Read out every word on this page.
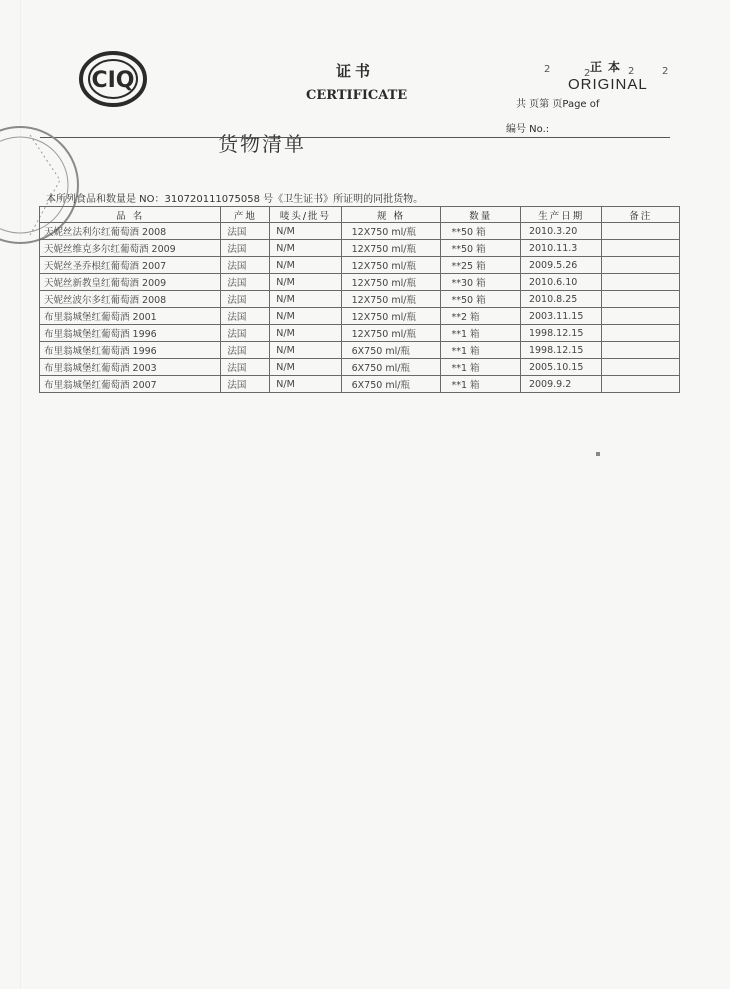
CIQ	证书
CERTIFICATE
2	2	2	2
正本
ORIGINAL
共 页第 页Page of
编号 No.:
货物清单
本所列食品和数量是 NO：310720111075058 号《卫生证书》所证明的同批货物。
品 名	产地	唛头/批号	规 格	数量	生产日期	备注
天妮丝法利尔红葡萄酒 2008	法国	N/M	12X750 ml/瓶	**50 箱	2010.3.20	
天妮丝维克多尔红葡萄酒 2009	法国	N/M	12X750 ml/瓶	**50 箱	2010.11.3	
天妮丝圣乔根红葡萄酒 2007	法国	N/M	12X750 ml/瓶	**25 箱	2009.5.26	
天妮丝新教皇红葡萄酒 2009	法国	N/M	12X750 ml/瓶	**30 箱	2010.6.10	
天妮丝波尔多红葡萄酒 2008	法国	N/M	12X750 ml/瓶	**50 箱	2010.8.25	
布里翁城堡红葡萄酒 2001	法国	N/M	12X750 ml/瓶	**2 箱	2003.11.15	
布里翁城堡红葡萄酒 1996	法国	N/M	12X750 ml/瓶	**1 箱	1998.12.15	
布里翁城堡红葡萄酒 1996	法国	N/M	6X750 ml/瓶	**1 箱	1998.12.15	
布里翁城堡红葡萄酒 2003	法国	N/M	6X750 ml/瓶	**1 箱	2005.10.15	
布里翁城堡红葡萄酒 2007	法国	N/M	6X750 ml/瓶	**1 箱	2009.9.2	
